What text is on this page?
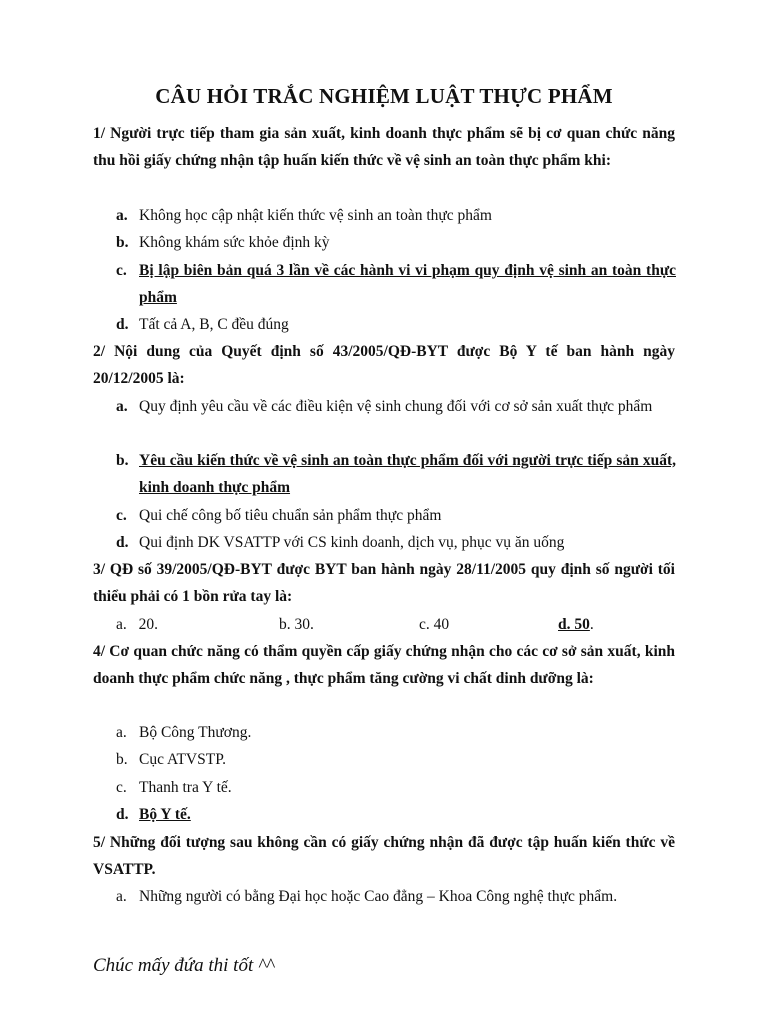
CÂU HỎI TRẮC NGHIỆM LUẬT THỰC PHẨM
1/ Người trực tiếp tham gia sản xuất, kinh doanh thực phẩm sẽ bị cơ quan chức năng thu hồi giấy chứng nhận tập huấn kiến thức về vệ sinh an toàn thực phẩm khi:
a. Không học cập nhật kiến thức vệ sinh an toàn thực phẩm
b. Không khám sức khỏe định kỳ
c. Bị lập biên bản quá 3 lần về các hành vi vi phạm quy định vệ sinh an toàn thực phẩm
d. Tất cả A, B, C đều đúng
2/ Nội dung của Quyết định số 43/2005/QĐ-BYT được Bộ Y tế ban hành ngày 20/12/2005 là:
a. Quy định yêu cầu về các điều kiện vệ sinh chung đối với cơ sở sản xuất thực phẩm
b. Yêu cầu kiến thức về vệ sinh an toàn thực phẩm đối với người trực tiếp sản xuất, kinh doanh thực phẩm
c. Qui chế công bố tiêu chuẩn sản phẩm thực phẩm
d. Qui định DK VSATTP với CS kinh doanh, dịch vụ, phục vụ ăn uống
3/ QĐ số 39/2005/QĐ-BYT được BYT ban hành ngày 28/11/2005 quy định số người tối thiểu phải có 1 bồn rửa tay là:
a. 20.	b. 30.	c. 40	d. 50.
4/ Cơ quan chức năng có thẩm quyền cấp giấy chứng nhận cho các cơ sở sản xuất, kinh doanh thực phẩm chức năng , thực phẩm tăng cường vi chất dinh dưỡng là:
a. Bộ Công Thương.
b. Cục ATVSTP.
c. Thanh tra Y tế.
d. Bộ Y tế.
5/ Những đối tượng sau không cần có giấy chứng nhận đã được tập huấn kiến thức về VSATTP.
a. Những người có bằng Đại học hoặc Cao đẳng – Khoa Công nghệ thực phẩm.
Chúc mấy đứa thi tốt ^^
